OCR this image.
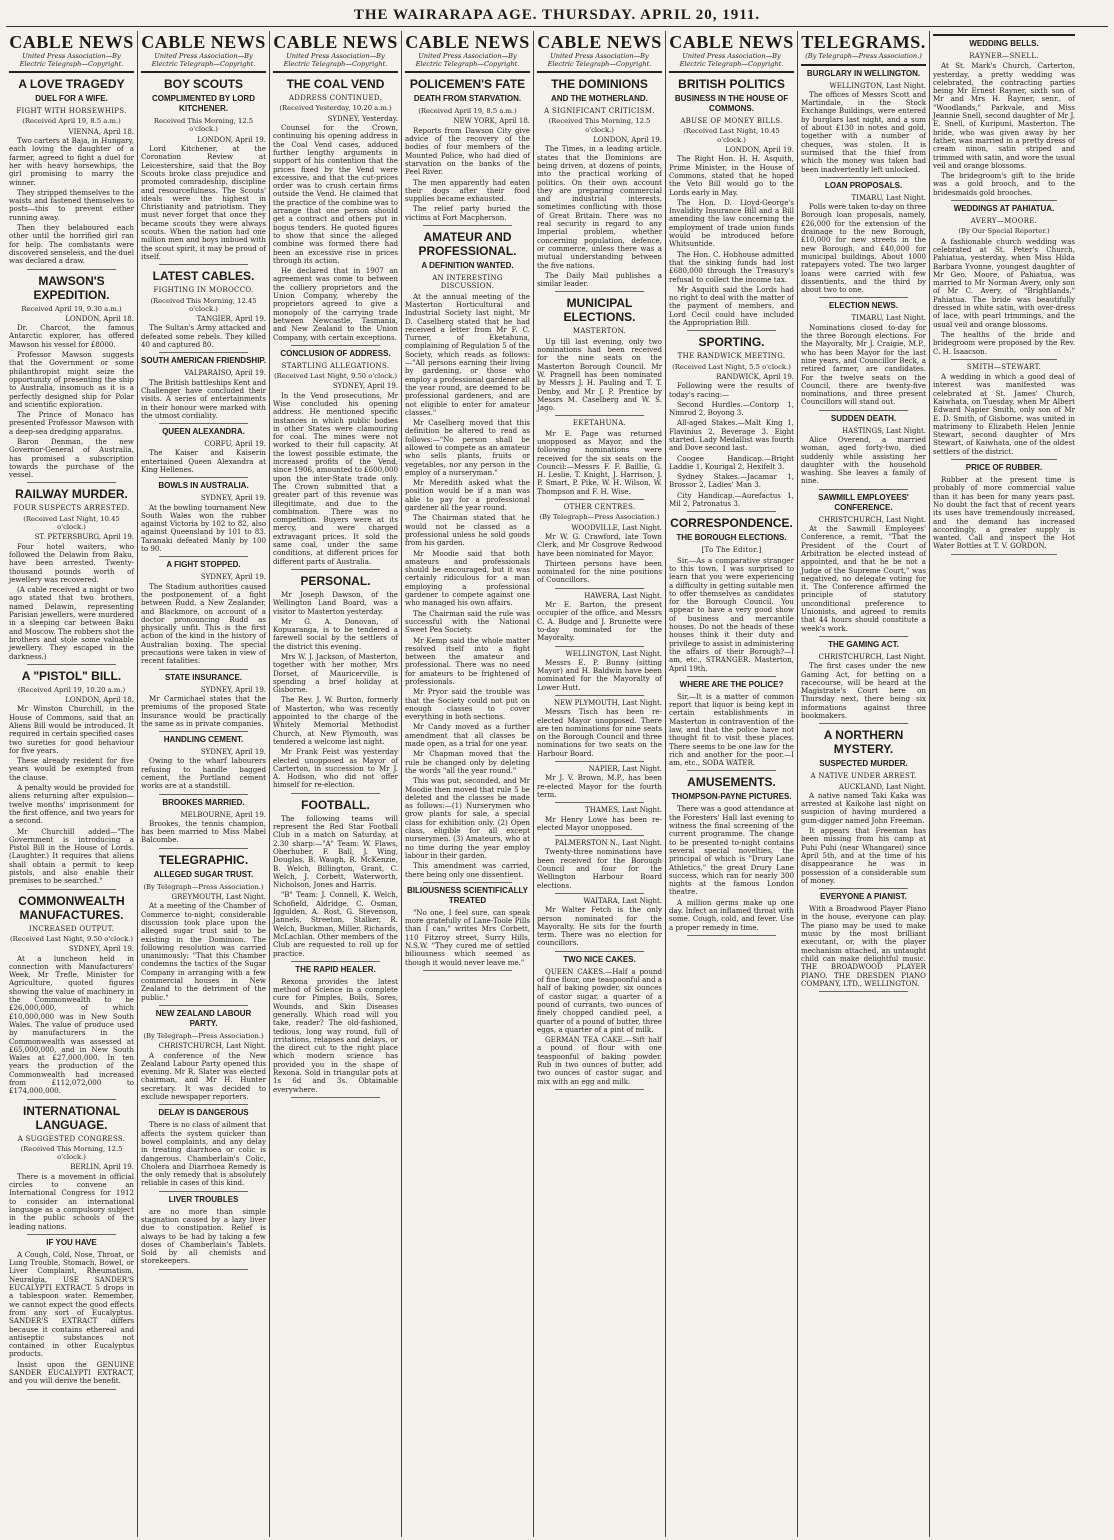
THE WAIRARAPA AGE. THURSDAY. APRIL 20, 1911.
CABLE NEWS
United Press Association—By Electric Telegraph—Copyright.
A LOVE TRAGEDY
DUEL FOR A WIFE.
FIGHT WITH HORSEWHIPS.
(Received April 19, 8.5 a.m.)
VIENNA, April 18.

Two carters at Baja, in Hungary, each loving the daughter of a farmer, agreed to fight a duel for her with heavy horsewhips, the girl promising to marry the winner.

They stripped themselves to the waists and fastened themselves to posts—this to prevent either running away.

Then they belaboured each other until the horrified girl ran for help. The combatants were discovered senseless, and the duel was declared a draw.

MAWSON'S EXPEDITION.
Received April 19, 9.30 a.m.)
LONDON, April 18.

Dr. Charcot, the famous Antarctic explorer, has offered Mawson his vessel for £8000.

Professor Mawson suggests that the Government or some philanthropist might seize the opportunity of presenting the ship to Australia, insomuch as it is a perfectly designed ship for Polar and scientific exploration.

The Prince of Monaco has presented Professor Mawson with a deep-sea dredging apparatus.

Baron Denman, the new Governor-General of Australia, has promised a subscription towards the purchase of the vessel.

RAILWAY MURDER.
FOUR SUSPECTS ARRESTED.
(Received Last Night, 10.45 o'clock.)
ST. PETERSBURG, April 19.

Four hotel waiters, who followed the Delawin from Baku, have been arrested. Twenty-thousand pounds worth of jewellery was recovered.

(A cable received a night or two ago stated that two brothers, named Delawin, representing Parisian jewellers, were murdered in a sleeping car between Baku and Moscow. The robbers shot the brothers and stole some valuable jewellery. They escaped in the darkness.)

A "PISTOL" BILL.
(Received April 19, 10.20 a.m.)
LONDON, April 18.

Mr Winston Churchill, in the House of Commons, said that an Aliens Bill would be introduced. It required in certain specified cases two sureties for good behaviour for five years.

These already resident for five years would be exempted from the clause.

A penalty would be provided for aliens returning after expulsion—twelve months' imprisonment for the first offence, and two years for a second.

Mr Churchill added—"The Government is introducing a Pistol Bill in the House of Lords. (Laughter.) It requires that aliens shall obtain a permit to keep pistols, and also enable their premises to be searched."

COMMONWEALTH MANUFACTURES.
INCREASED OUTPUT.
(Received Last Night, 9.50 o'clock.)
SYDNEY, April 19.

At a luncheon held in connection with Manufacturers' Week, Mr Trefle, Minister for Agriculture, quoted figures showing the value of machinery in the Commonwealth to be £26,000,000, of which £10,000,000 was in New South Wales. The value of produce used by manufacturers in the Commonwealth was assessed at £65,000,000, and in New South Wales at £27,000,000. In ten years the production of the Commonwealth had increased from £112,072,000 to £174,000,000.

INTERNATIONAL LANGUAGE.
A SUGGESTED CONGRESS.
(Received This Morning, 12.5 o'clock.)
BERLIN, April 19.

There is a movement in official circles to convene an International Congress for 1912 to consider an international language as a compulsory subject in the public schools of the leading nations.

IF YOU HAVE

A Cough, Cold, Nose, Throat, or Lung Trouble, Stomach, Bowel, or Liver Complaint, Rheumatism, Neuralgia, USE SANDER'S EUCALYPTI EXTRACT. 5 drops in a tablespoon water. Remember, we cannot expect the good effects from any sort of Eucalyptus. SANDER'S EXTRACT differs because it contains ethereal and antiseptic substances not contained in other Eucalyptus products.

Insist upon the GENUINE SANDER EUCALYPTI EXTRACT, and you will derive the benefit.

CABLE NEWS
United Press Association—By Electric Telegraph—Copyright.
BOY SCOUTS
COMPLIMENTED BY LORD KITCHENER.
Received This Morning, 12.5 o'clock.)
LONDON, April 19.

Lord Kitchener, at the Coronation Review at Leicestershire, said that the Boy Scouts broke class prejudice and promoted comradeship, discipline and resourcefulness. The Scouts' ideals were the highest in Christianity and patriotism. They must never forget that once they became scouts they were always scouts. When the nation had one million men and boys imbued with the scout spirit, it may be proud of itself.

LATEST CABLES.
FIGHTING IN MOROCCO.
(Received This Morning, 12.45 o'clock.)
TANGIER, April 19.

The Sultan's Army attacked and defeated some rebels. They killed 40 and captured 80.

SOUTH AMERICAN FRIENDSHIP.
VALPARAISO, April 19.

The British battleships Kent and Challenger have concluded their visits. A series of entertainments in their honour were marked with the utmost cordiality.

QUEEN ALEXANDRA.
CORFU, April 19.

The Kaiser and Kaiserin entertained Queen Alexandra at King Hellenes.

BOWLS IN AUSTRALIA.
SYDNEY, April 19.

At the bowling tournament New South Wales won the rubber against Victoria by 102 to 82, also against Queensland by 101 to 83. Taranaki defeated Manly by 100 to 90.

A FIGHT STOPPED.
SYDNEY, April 19.

The Stadium authorities caused the postponement of a fight between Rudd, a New Zealander, and Blackmore, on account of a doctor pronouncing Rudd as physically unfit. This is the first action of the kind in the history of Australian boxing. The special precautions were taken in view of recent fatalities.

STATE INSURANCE.
SYDNEY, April 19.

Mr Carmichael states that the premiums of the proposed State Insurance would be practically the same as in private companies.

HANDLING CEMENT.
SYDNEY, April 19.

Owing to the wharf labourers refusing to handle bagged cement, the Portland cement works are at a standstill.

BROOKES MARRIED.
MELBOURNE, April 19.

Brookes, the tennis champion, has been married to Miss Mabel Balcombe.

TELEGRAPHIC.
ALLEGED SUGAR TRUST.
(By Telegraph—Press Association.)
GREYMOUTH, Last Night.

At a meeting of the Chamber of Commerce to-night, considerable discussion took place upon the alleged sugar trust said to be existing in the Dominion. The following resolution was carried unanimously: "That this Chamber condemns the tactics of the Sugar Company in arranging with a few commercial houses in New Zealand to the detriment of the public."

NEW ZEALAND LABOUR PARTY.
(By Telegraph—Press Association.)
CHRISTCHURCH, Last Night.

A conference of the New Zealand Labour Party opened this evening. Mr R. Slater was elected chairman, and Mr H. Hunter secretary. It was decided to exclude newspaper reporters.

DELAY IS DANGEROUS

There is no class of ailment that affects the system quicker than bowel complaints, and any delay in treating diarrhoea or colic is dangerous. Chamberlain's Colic, Cholera and Diarrhoea Remedy is the only remedy that is absolutely reliable in cases of this kind.

LIVER TROUBLES

are no more than simple stagnation caused by a lazy liver due to constipation. Relief is always to be had by taking a few doses of Chamberlain's Tablets. Sold by all chemists and storekeepers.

CABLE NEWS
United Press Association—By Electric Telegraph—Copyright.
THE COAL VEND
ADDRESS CONTINUED.
(Received Yesterday, 10.20 a.m.)
SYDNEY, Yesterday.

Counsel for the Crown, continuing his opening address in the Coal Vend cases, adduced further lengthy arguments in support of his contention that the prices fixed by the Vend were excessive, and that the cut-prices order was to crush certain firms outside the Vend. He claimed that the practice of the combine was to arrange that one person should get a contract and others put in bogus tenders. He quoted figures to show that since the alleged combine was formed there had been an excessive rise in prices through its action.

He declared that in 1907 an agreement was come to between the colliery proprietors and the Union Company, whereby the proprietors agreed to give a monopoly of the carrying trade between Newcastle, Tasmania, and New Zealand to the Union Company, with certain exceptions.

CONCLUSION OF ADDRESS.
STARTLING ALLEGATIONS.
(Received Last Night, 9.50 o'clock.)
SYDNEY, April 19.

In the Vend prosecutions, Mr Wise concluded his opening address. He mentioned specific instances in which public bodies in other States were clamouring for coal. The mines were not worked to their full capacity. At the lowest possible estimate, the increased profits of the Vend, since 1906, amounted to £600,000 upon the inter-State trade only. The Crown submitted that a greater part of this revenue was illegitimate, and due to the combination. There was no competition. Buyers were at its mercy, and were charged extravagant prices. It sold the same coal, under the same conditions, at different prices for different parts of Australia.

PERSONAL.

Mr Joseph Dawson, of the Wellington Land Board, was a visitor to Masterton yesterday.

Mr G. A. Donovan, of Kopuaranga, is to be tendered a farewell social by the settlers of the district this evening.

Mrs W. J. Jackson, of Masterton, together with her mother, Mrs Dorset, of Mauricerville, is spending a brief holiday at Gisborne.

The Rev. J. W. Burton, formerly of Masterton, who was recently appointed to the charge of the Whitely Memorial Methodist Church, at New Plymouth, was tendered a welcome last night.

Mr Frank Feist was yesterday elected unopposed as Mayor of Carterton, in succession to Mr J. A. Hodson, who did not offer himself for re-election.

FOOTBALL.

The following teams will represent the Red Star Football Club in a match on Saturday, at 2.30 sharp:—"A" Team: W. Flaws, Oberhuber, F. Ball, J. Wing, Douglas, B. Waugh, R. McKenzie, B. Welch, Billington, Grant, C. Welch, J. Corbett, Waterworth, Nicholson, Jones and Harris.

"B" Team: J. Connell, K. Welch, Schofield, Aldridge, C. Osman, Iggulden, A. Rost, G. Stevenson, Jannels, Streeton, Stalker, R. Welch, Buckman, Miller, Richards, McLachlan. Other members of the Club are requested to roll up for practice.

THE RAPID HEALER.

Rexona provides the latest method of Science in a complete cure for Pimples, Boils, Sores, Wounds, and Skin Diseases generally. Which road will you take, reader? The old-fashioned, tedious, long way round, full of irritations, relapses and delays, or the direct cut to the right place which modern science has provided you in the shape of Rexona. Sold in triangular pots at 1s 6d and 3s. Obtainable everywhere.

CABLE NEWS
United Press Association—By Electric Telegraph—Copyright.
POLICEMEN'S FATE
DEATH FROM STARVATION.
(Received April 19, 8.5 a.m.)
NEW YORK, April 18.

Reports from Dawson City give advice of the recovery of the bodies of four members of the Mounted Police, who had died of starvation on the banks of the Peel River.

The men apparently had eaten their dogs after their food supplies became exhausted.

The relief party buried the victims at Fort Macpherson.

AMATEUR AND PROFESSIONAL.
A DEFINITION WANTED.
AN INTERESTING DISCUSSION.

At the annual meeting of the Masterton Horticultural and Industrial Society last night, Mr D. Caselberg stated that he had received a letter from Mr F. C. Turner, of Eketahuna, complaining of Regulation 5 of the Society, which reads as follows:—"All persons earning their living by gardening, or those who employ a professional gardener all the year round, are deemed to be professional gardeners, and are not eligible to enter for amateur classes."

Mr Caselberg moved that this definition be altered to read as follows:—"No person shall be allowed to compete as an amateur who sells plants, fruits or vegetables, nor any person in the employ of a nurseryman."

Mr Meredith asked what the position would be if a man was able to pay for a professional gardener all the year round.

The Chairman stated that he would not be classed as a professional unless he sold goods from his garden.

Mr Moodie said that both amateurs and professionals should be encouraged, but it was certainly ridiculous for a man employing a professional gardener to compete against one who managed his own affairs.

The Chairman said the rule was successful with the National Sweet Pea Society.

Mr Kemp said the whole matter resolved itself into a fight between the amateur and professional. There was no need for amateurs to be frightened of professionals.

Mr Pryor said the trouble was that the Society could not put on enough classes to cover everything in both sections.

Mr Candy moved as a further amendment that all classes be made open, as a trial for one year.

Mr Chapman moved that the rule be changed only by deleting the words "all the year round."

This was put, seconded, and Mr Moodie then moved that rule 5 be deleted and the classes be made as follows:—(1) Nurserymen who grow plants for sale, a special class for exhibition only. (2) Open class, eligible for all except nurserymen. (3) Amateurs, who at no time during the year employ labour in their garden.

This amendment was carried, there being only one dissentient.

BILIOUSNESS SCIENTIFICALLY TREATED

"No one, I feel sure, can speak more gratefully of Lane-Toole Pills than I can," writes Mrs Corbett, 110 Fitzroy street, Surry Hills, N.S.W. "They cured me of settled biliousness which seemed as though it would never leave me."

CABLE NEWS
United Press Association—By Electric Telegraph—Copyright.
THE DOMINIONS
AND THE MOTHERLAND.
A SIGNIFICANT CRITICISM.
(Received This Morning, 12.5 o'clock.)
LONDON, April 19.

The Times, in a leading article, states that the Dominions are being driven, at dozens of points, into the practical working of politics. On their own account they are preparing commercial and industrial interests, sometimes conflicting with those of Great Britain. There was no real security in regard to any Imperial problem, whether concerning population, defence, or commerce, unless there was a mutual understanding between the five nations.

The Daily Mail publishes a similar leader.

MUNICIPAL ELECTIONS.
MASTERTON.

Up till last evening, only two nominations had been received for the nine seats on the Masterton Borough Council. Mr W. Pragnell has been nominated by Messrs J. H. Pauling and T. T. Denby, and Mr J. P. Prentice by Messrs M. Caselberg and W. S. Jago.

EKETAHUNA.

Mr E. Page was returned unopposed as Mayor, and the following nominations were received for the six seats on the Council:—Messrs F. F. Baillie, G. H. Leslie, T. Knight, J. Harrison, J. P. Smart, P. Pike, W. H. Wilson, W. Thompson and F. H. Wise.

OTHER CENTRES.
(By Telegraph—Press Association.)
WOODVILLE, Last Night.

Mr W. G. Crawford, late Town Clerk, and Mr Cosgrove Redwood have been nominated for Mayor.

Thirteen persons have been nominated for the nine positions of Councillors.

HAWERA, Last Night.

Mr E. Barton, the present occupier of the office, and Messrs C. A. Budge and J. Brunette were to-day nominated for the Mayoralty.

WELLINGTON, Last Night.

Messrs E. P. Bunny (sitting Mayor) and H. Baldwin have been nominated for the Mayoralty of Lower Hutt.

NEW PLYMOUTH, Last Night.

Messrs Tisch has been re-elected Mayor unopposed. There are ten nominations for nine seats on the Borough Council and three nominations for two seats on the Harbour Board.

NAPIER, Last Night.

Mr J. V. Brown, M.P., has been re-elected Mayor for the fourth term.

THAMES, Last Night.

Mr Henry Lowe has been re-elected Mayor unopposed.

PALMERSTON N., Last Night.

Twenty-three nominations have been received for the Borough Council and four for the Wellington Harbour Board elections.

WAITARA, Last Night.

Mr Walter Fetch is the only person nominated for the Mayoralty. He sits for the fourth term. There was no election for councillors.

TWO NICE CAKES.

QUEEN CAKES.—Half a pound of fine flour, one teaspoonful and a half of baking powder, six ounces of castor sugar, a quarter of a pound of currants, two ounces of finely chopped candied peel, a quarter of a pound of butter, three eggs, a quarter of a pint of milk.

GERMAN TEA CAKE.—Sift half a pound of flour with one teaspoonful of baking powder. Rub in two ounces of butter, add two ounces of castor sugar, and mix with an egg and milk.

CABLE NEWS
United Press Association—By Electric Telegraph—Copyright.
BRITISH POLITICS
BUSINESS IN THE HOUSE OF COMMONS.
ABUSE OF MONEY BILLS.
(Received Last Night, 10.45 o'clock.)
LONDON, April 19.

The Right Hon. H. H. Asquith, Prime Minister, in the House of Commons, stated that he hoped the Veto Bill would go to the Lords early in May.

The Hon. D. Lloyd-George's Invalidity Insurance Bill and a Bill amending the law concerning the employment of trade union funds would be introduced before Whitsuntide.

The Hon. C. Hobhouse admitted that the sinking funds had lost £680,000 through the Treasury's refusal to collect the income tax.

Mr Asquith said the Lords had no right to deal with the matter of the payment of members, and Lord Cecil could have included the Appropriation Bill.

SPORTING.
THE RANDWICK MEETING.
(Received Last Night, 5.5 o'clock.)
RANDWICK, April 19.

Following were the results of today's racing:—

Second Hurdles.—Contorp 1, Nimrod 2, Boyong 3.

All-aged Stakes.—Malt King 1, Flavinius 2, Beverage 3. Eight started. Lady Medallist was fourth and Dove second last.

Coogee Handicap.—Bright Laddie 1, Kourigal 2, Hexifelt 3.

Sydney Stakes.—Jacamar 1, Brossor 2, Ladies' Man 3.

City Handicap.—Aurefactus 1, Mil 2, Patronatus 3.

CORRESPONDENCE.
THE BOROUGH ELECTIONS.
[To The Editor.]

Sir,—As a comparative stranger to this town, I was surprised to learn that you were experiencing a difficulty in getting suitable men to offer themselves as candidates for the Borough Council. You appear to have a very good show of business and mercantile houses. Do not the heads of these houses think it their duty and privilege to assist in administering the affairs of their Borough?—I am, etc., STRANGER. Masterton, April 19th.

WHERE ARE THE POLICE?

Sir,—It is a matter of common report that liquor is being kept in certain establishments in Masterton in contravention of the law, and that the police have not thought fit to visit these places. There seems to be one law for the rich and another for the poor.—I am, etc., SODA WATER.

AMUSEMENTS.
THOMPSON-PAYNE PICTURES.

There was a good attendance at the Foresters' Hall last evening to witness the final screening of the current programme. The change to be presented to-night contains several special novelties, the principal of which is "Drury Lane Athletics," the great Drury Lane success, which ran for nearly 300 nights at the famous London theatre.

A million germs make up one day. Infect an inflamed throat with some. Cough, cold, and fever. Use a proper remedy in time.

TELEGRAMS.
(By Telegraph—Press Association.)
BURGLARY IN WELLINGTON.
WELLINGTON, Last Night.

The offices of Messrs Scott and Martindale, in the Stock Exchange Buildings, were entered by burglars last night, and a sum of about £130 in notes and gold, together with a number of cheques, was stolen. It is surmised that the thief from which the money was taken had been inadvertently left unlocked.

LOAN PROPOSALS.
TIMARU, Last Night.

Polls were taken to-day on three Borough loan proposals, namely, £26,000 for the extension of the drainage to the new Borough, £10,000 for new streets in the new Borough, and £40,000 for municipal buildings. About 1000 ratepayers voted. The two larger loans were carried with few dissentients, and the third by about two to one.

ELECTION NEWS.
TIMARU, Last Night.

Nominations closed to-day for the three Borough elections. For the Mayoralty, Mr J. Craigie, M.P., who has been Mayor for the last nine years, and Councillor Beck, a retired farmer, are candidates. For the twelve seats on the Council, there are twenty-five nominations, and three present Councillors will stand out.

SUDDEN DEATH.
HASTINGS, Last Night.

Alice Overend, a married woman, aged forty-two, died suddenly while assisting her daughter with the household washing. She leaves a family of nine.

SAWMILL EMPLOYEES' CONFERENCE.
CHRISTCHURCH, Last Night.

At the Sawmill Employees' Conference, a remit, "That the President of the Court of Arbitration be elected instead of appointed, and that he be not a Judge of the Supreme Court," was negatived, no delegate voting for it. The Conference affirmed the principle of statutory unconditional preference to Unionists, and agreed to remits that 44 hours should constitute a week's work.

THE GAMING ACT.
CHRISTCHURCH, Last Night.

The first cases under the new Gaming Act, for betting on a racecourse, will be heard at the Magistrate's Court here on Thursday next, there being six informations against three bookmakers.

A NORTHERN MYSTERY.
SUSPECTED MURDER.
A NATIVE UNDER ARREST.
AUCKLAND, Last Night.

A native named Taki Kaka was arrested at Kaikohe last night on suspicion of having murdered a gum-digger named John Freeman.

It appears that Freeman has been missing from his camp at Puhi Puhi (near Whangarei) since April 5th, and at the time of his disappearance he was in possession of a considerable sum of money.

EVERYONE A PIANIST.

With a Broadwood Player Piano in the house, everyone can play. The piano may be used to make music by the most brilliant executant, or, with the player mechanism attached, an untaught child can make delightful music. THE BROADWOOD PLAYER PIANO. THE DRESDEN PIANO COMPANY, LTD., WELLINGTON.

WEDDING BELLS.
RAYNER—SNELL.

At St. Mark's Church, Carterton, yesterday, a pretty wedding was celebrated, the contracting parties being Mr Ernest Rayner, sixth son of Mr and Mrs H. Rayner, senr., of "Woodlands," Parkvale, and Miss Jeannie Snell, second daughter of Mr J. E. Snell, of Kuripuni, Masterton. The bride, who was given away by her father, was married in a pretty dress of cream ninon, satin striped and trimmed with satin, and wore the usual veil and orange blossoms.

The bridegroom's gift to the bride was a gold brooch, and to the bridesmaids gold brooches.

WEDDINGS AT PAHIATUA.
AVERY—MOORE.
(By Our Special Reporter.)

A fashionable church wedding was celebrated at St. Peter's Church, Pahiatua, yesterday, when Miss Hilda Barbara Yvonne, youngest daughter of Mr Geo. Moore, of Pahiatua, was married to Mr Norman Avery, only son of Mr C. Avery, of "Brightlands," Pahiatua. The bride was beautifully dressed in white satin, with over-dress of lace, with pearl trimmings, and the usual veil and orange blossoms.

The healths of the bride and bridegroom were proposed by the Rev. C. H. Isaacson.

SMITH—STEWART.

A wedding in which a good deal of interest was manifested was celebrated at St. James' Church, Kaiwhata, on Tuesday, when Mr Albert Edward Napier Smith, only son of Mr E. D. Smith, of Gisborne, was united in matrimony to Elizabeth Helen Jennie Stewart, second daughter of Mrs Stewart, of Kaiwhata, one of the oldest settlers of the district.

PRICE OF RUBBER.

Rubber at the present time is probably of more commercial value than it has been for many years past. No doubt the fact that of recent years its uses have tremendously increased, and the demand has increased accordingly, a greater supply is wanted. Call and inspect the Hot Water Bottles at T. V. GORDON.
